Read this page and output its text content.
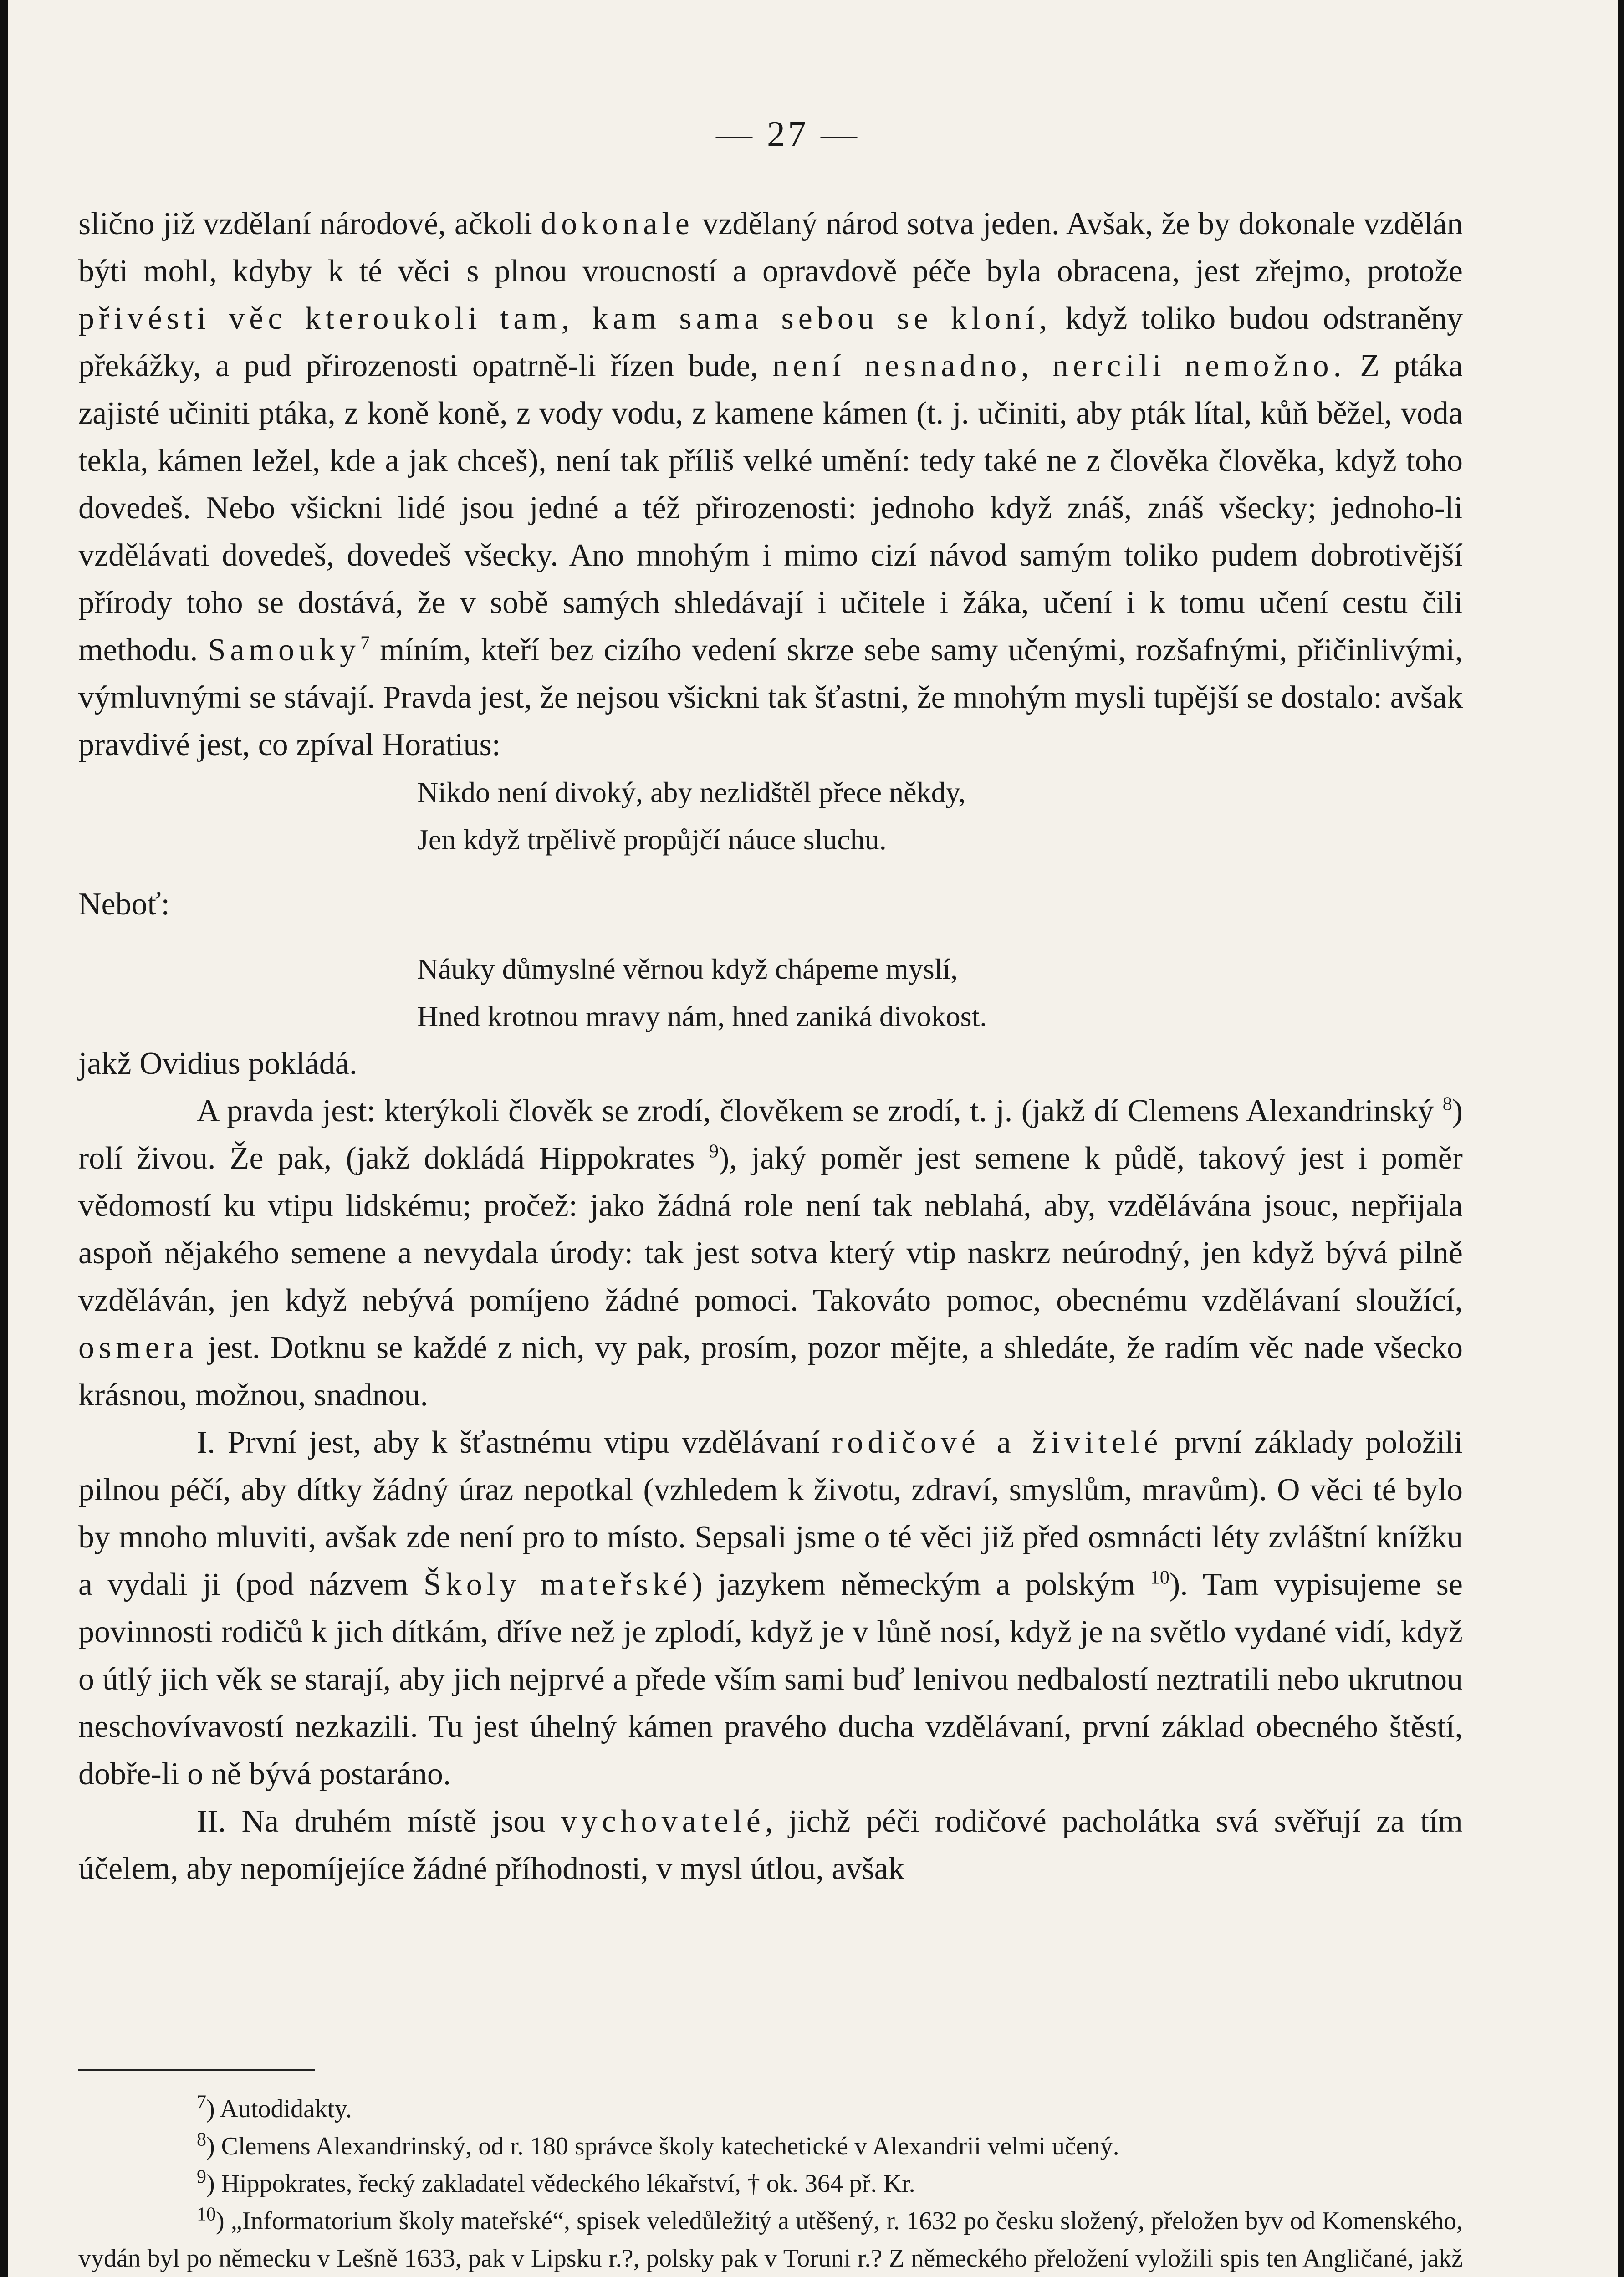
— 27 —

slično již vzdělaní národové, ačkoli dokonale vzdělaný národ sotva jeden. Avšak, že by dokonale vzdělán býti mohl, kdyby k té věci s plnou vroucností a opravdově péče byla obracena, jest zřejmo, protože přivésti věc kteroukoli tam, kam sama sebou se kloní, když toliko budou odstraněny překážky, a pud přirozenosti opatrně-li řízen bude, není nesnadno, nercili nemožno. Z ptáka zajisté učiniti ptáka, z koně koně, z vody vodu, z kamene kámen (t. j. učiniti, aby pták lítal, kůň běžel, voda tekla, kámen ležel, kde a jak chceš), není tak příliš velké umění: tedy také ne z člověka člověka, když toho dovedeš. Nebo všickni lidé jsou jedné a též přirozenosti: jednoho když znáš, znáš všecky; jednoho-li vzdělávati dovedeš, dovedeš všecky. Ano mnohým i mimo cizí návod samým toliko pudem dobrotivější přírody toho se dostává, že v sobě samých shledávají i učitele i žáka, učení i k tomu učení cestu čili methodu. Samouky$^7$ míním, kteří bez cizího vedení skrze sebe samy učenými, rozšafnými, přičinlivými, výmluvnými se stávají. Pravda jest, že nejsou všickni tak šťastni, že mnohým mysli tupější se dostalo: avšak pravdivé jest, co zpíval Horatius:

Nikdo není divoký, aby nezlidštěl přece někdy,
Jen když trpělivě propůjčí náuce sluchu.

Neboť:

Náuky důmyslné věrnou když chápeme myslí,
Hned krotnou mravy nám, hned zaniká divokost.

jakž Ovidius pokládá.

A pravda jest: kterýkoli člověk se zrodí, člověkem se zrodí, t. j. (jakž dí Clemens Alexandrinský $^8$) rolí živou. Že pak, (jakž dokládá Hippokrates $^9$), jaký poměr jest semene k půdě, takový jest i poměr vědomostí ku vtipu lidskému; pročež: jako žádná role není tak neblahá, aby, vzdělávána jsouc, nepřijala aspoň nějakého semene a nevydala úrody: tak jest sotva který vtip naskrz neúrodný, jen když bývá pilně vzděláván, jen když nebývá pomíjeno žádné pomoci. Takováto pomoc, obecnému vzdělávaní sloužící, osmera jest. Dotknu se každé z nich, vy pak, prosím, pozor mějte, a shledáte, že radím věc nade všecko krásnou, možnou, snadnou.

I. První jest, aby k šťastnému vtipu vzdělávaní rodičové a živitelé první základy položili pilnou péčí, aby dítky žádný úraz nepotkal (vzhledem k životu, zdraví, smyslům, mravům). O věci té bylo by mnoho mluviti, avšak zde není pro to místo. Sepsali jsme o té věci již před osmnácti léty zvláštní knížku a vydali ji (pod názvem Školy mateřské) jazykem německým a polským $^{10}$). Tam vypisujeme se povinnosti rodičů k jich dítkám, dříve než je zplodí, když je v lůně nosí, když je na světlo vydané vidí, když o útlý jich věk se starají, aby jich nejprvé a přede vším sami buď lenivou nedbalostí neztratili nebo ukrutnou neschovívavostí nezkazili. Tu jest úhelný kámen pravého ducha vzdělávaní, první základ obecného štěstí, dobře-li o ně bývá postaráno.

II. Na druhém místě jsou vychovatelé, jichž péči rodičové pacholátka svá svěřují za tím účelem, aby nepomíjejíce žádné příhodnosti, v mysl útlou, avšak

$^7$) Autodidakty.

$^8$) Clemens Alexandrinský, od r. 180 správce školy katechetické v Alexandrii velmi učený.

$^9$) Hippokrates, řecký zakladatel vědeckého lékařství, † ok. 364 př. Kr.

$^{10}$) „Informatorium školy mateřské“, spisek veledůležitý a utěšený, r. 1632 po česku složený, přeložen byv od Komenského, vydán byl po německu v Lešně 1633, pak v Lipsku r.?, polsky pak v Toruni r.? Z německého přeložení vyložili spis ten Angličané, jakž
